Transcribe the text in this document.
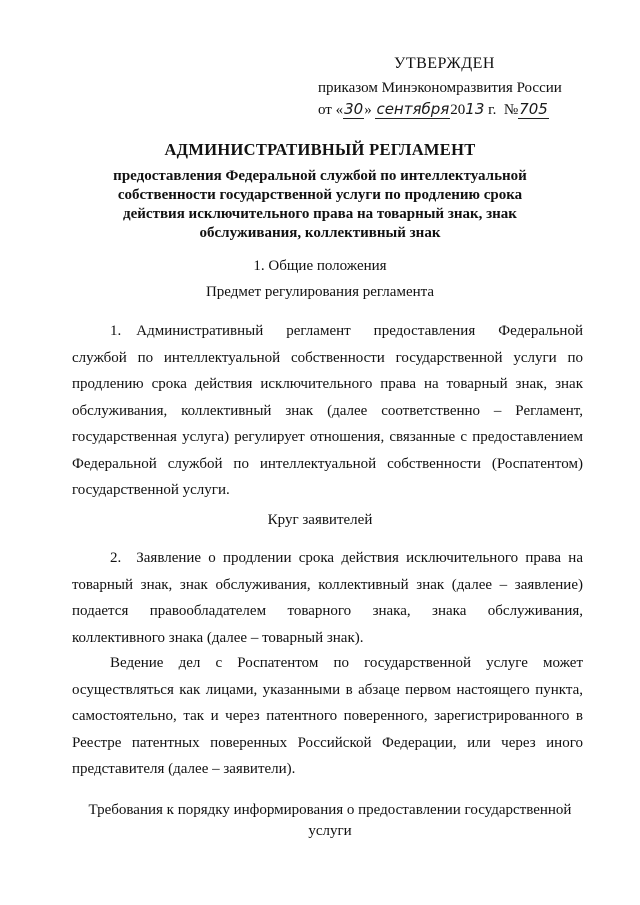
УТВЕРЖДЕН
приказом Минэкономразвития России
от «30» сентября2013 г. №705
АДМИНИСТРАТИВНЫЙ РЕГЛАМЕНТ
предоставления Федеральной службой по интеллектуальной собственности государственной услуги по продлению срока действия исключительного права на товарный знак, знак обслуживания, коллективный знак
1. Общие положения
Предмет регулирования регламента
1. Административный регламент предоставления Федеральной службой по интеллектуальной собственности государственной услуги по продлению срока действия исключительного права на товарный знак, знак обслуживания, коллективный знак (далее соответственно – Регламент, государственная услуга) регулирует отношения, связанные с предоставлением Федеральной службой по интеллектуальной собственности (Роспатентом) государственной услуги.
Круг заявителей
2. Заявление о продлении срока действия исключительного права на товарный знак, знак обслуживания, коллективный знак (далее – заявление) подается правообладателем товарного знака, знака обслуживания, коллективного знака (далее – товарный знак).
Ведение дел с Роспатентом по государственной услуге может осуществляться как лицами, указанными в абзаце первом настоящего пункта, самостоятельно, так и через патентного поверенного, зарегистрированного в Реестре патентных поверенных Российской Федерации, или через иного представителя (далее – заявители).
Требования к порядку информирования о предоставлении государственной услуги
